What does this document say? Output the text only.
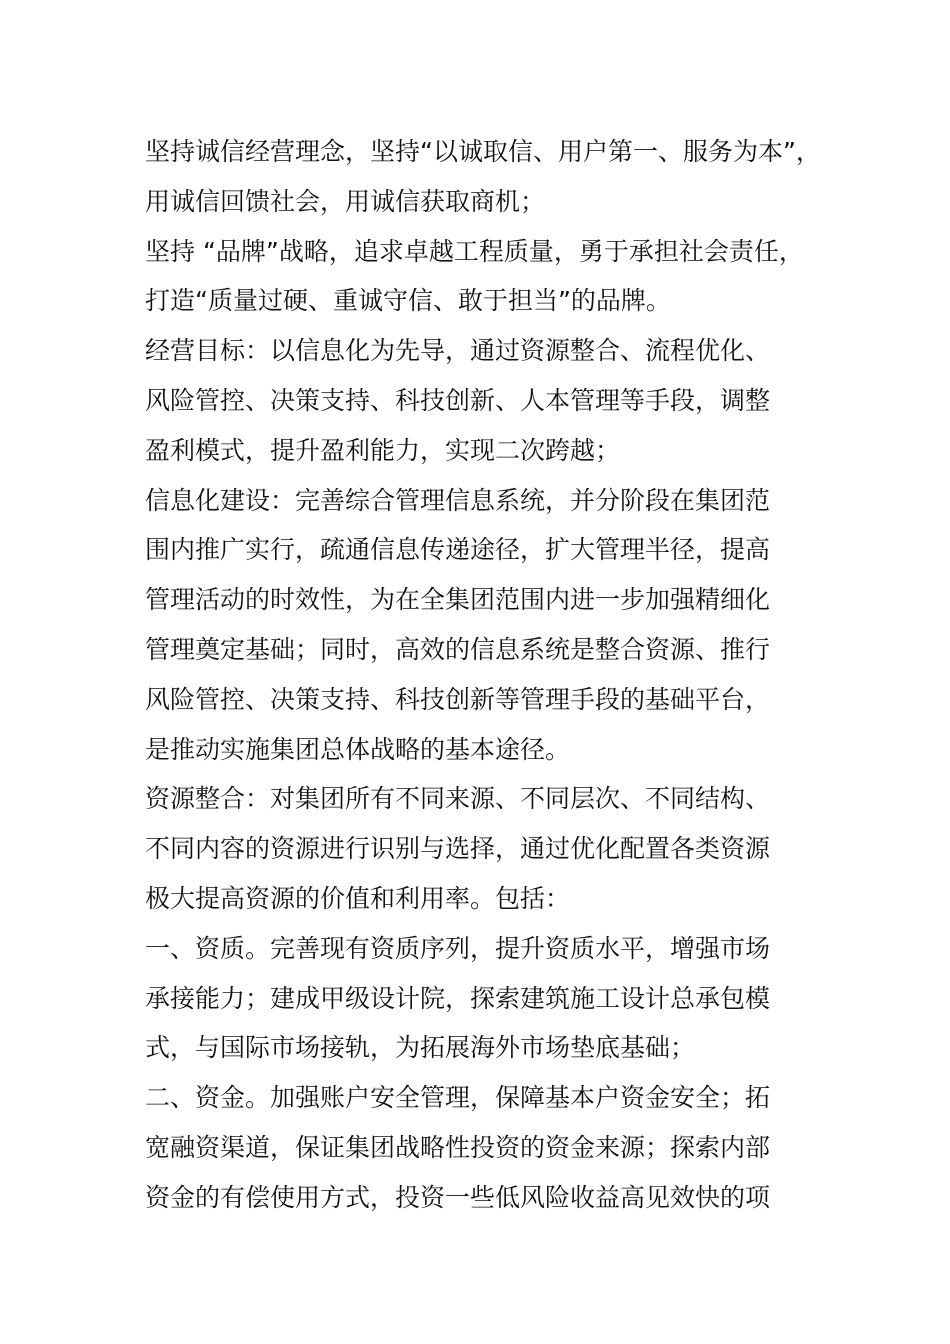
坚持诚信经营理念，坚持“以诚取信、用户第一、服务为本”，
用诚信回馈社会，用诚信获取商机；
坚持 “品牌”战略，追求卓越工程质量，勇于承担社会责任，
打造“质量过硬、重诚守信、敢于担当”的品牌。
经营目标：以信息化为先导，通过资源整合、流程优化、
风险管控、决策支持、科技创新、人本管理等手段，调整
盈利模式，提升盈利能力，实现二次跨越；
信息化建设：完善综合管理信息系统，并分阶段在集团范
围内推广实行，疏通信息传递途径，扩大管理半径，提高
管理活动的时效性，为在全集团范围内进一步加强精细化
管理奠定基础；同时，高效的信息系统是整合资源、推行
风险管控、决策支持、科技创新等管理手段的基础平台，
是推动实施集团总体战略的基本途径。
资源整合：对集团所有不同来源、不同层次、不同结构、
不同内容的资源进行识别与选择，通过优化配置各类资源
极大提高资源的价值和利用率。包括：
一、资质。完善现有资质序列，提升资质水平，增强市场
承接能力；建成甲级设计院，探索建筑施工设计总承包模
式，与国际市场接轨，为拓展海外市场垫底基础；
二、资金。加强账户安全管理，保障基本户资金安全；拓
宽融资渠道，保证集团战略性投资的资金来源；探索内部
资金的有偿使用方式，投资一些低风险收益高见效快的项
